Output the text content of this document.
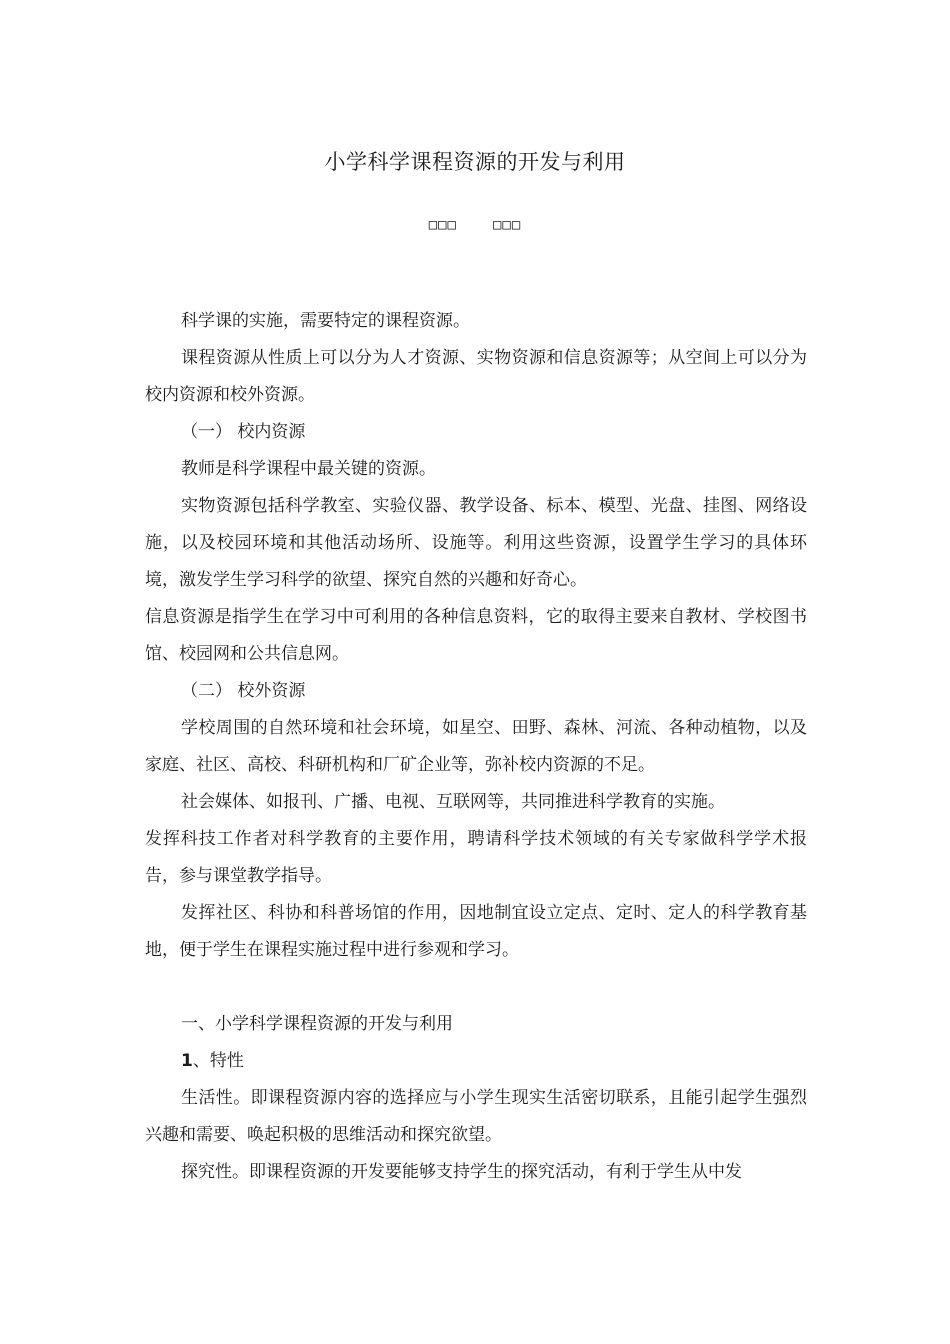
小学科学课程资源的开发与利用
□□□	□□□

科学课的实施，需要特定的课程资源。

课程资源从性质上可以分为人才资源、实物资源和信息资源等；从空间上可以分为校内资源和校外资源。

（一） 校内资源

教师是科学课程中最关键的资源。

实物资源包括科学教室、实验仪器、教学设备、标本、模型、光盘、挂图、网络设施，以及校园环境和其他活动场所、设施等。利用这些资源，设置学生学习的具体环境，激发学生学习科学的欲望、探究自然的兴趣和好奇心。

信息资源是指学生在学习中可利用的各种信息资料，它的取得主要来自教材、学校图书馆、校园网和公共信息网。

（二） 校外资源

学校周围的自然环境和社会环境，如星空、田野、森林、河流、各种动植物，以及家庭、社区、高校、科研机构和厂矿企业等，弥补校内资源的不足。

社会媒体、如报刊、广播、电视、互联网等，共同推进科学教育的实施。

发挥科技工作者对科学教育的主要作用，聘请科学技术领域的有关专家做科学学术报告，参与课堂教学指导。

发挥社区、科协和科普场馆的作用，因地制宜设立定点、定时、定人的科学教育基地，便于学生在课程实施过程中进行参观和学习。

一、小学科学课程资源的开发与利用

1、特性

生活性。即课程资源内容的选择应与小学生现实生活密切联系，且能引起学生强烈兴趣和需要、唤起积极的思维活动和探究欲望。

探究性。即课程资源的开发要能够支持学生的探究活动，有利于学生从中发
